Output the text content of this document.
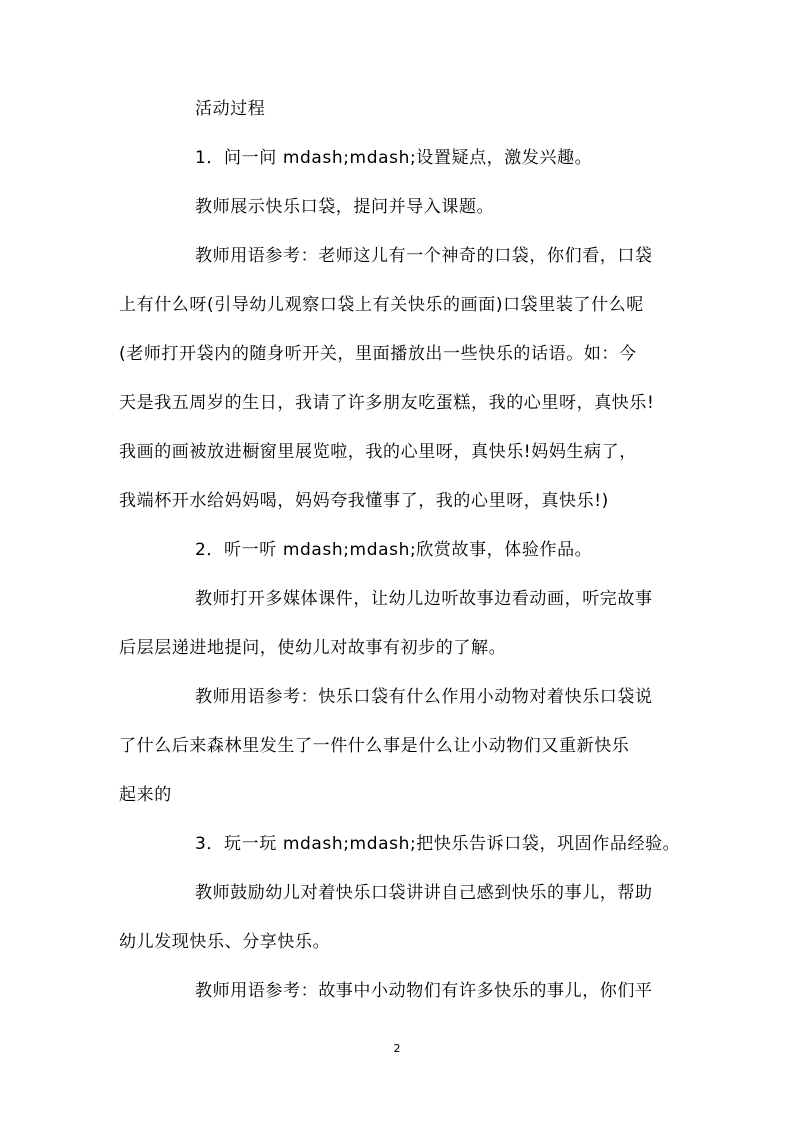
活动过程
1．问一问 mdash;mdash;设置疑点，激发兴趣。
教师展示快乐口袋，提问并导入课题。
教师用语参考：老师这儿有一个神奇的口袋，你们看，口袋
上有什么呀(引导幼儿观察口袋上有关快乐的画面)口袋里装了什么呢
(老师打开袋内的随身听开关，里面播放出一些快乐的话语。如：今
天是我五周岁的生日，我请了许多朋友吃蛋糕，我的心里呀，真快乐!
我画的画被放进橱窗里展览啦，我的心里呀，真快乐!妈妈生病了，
我端杯开水给妈妈喝，妈妈夸我懂事了，我的心里呀，真快乐!)
2．听一听 mdash;mdash;欣赏故事，体验作品。
教师打开多媒体课件，让幼儿边听故事边看动画，听完故事
后层层递进地提问，使幼儿对故事有初步的了解。
教师用语参考：快乐口袋有什么作用小动物对着快乐口袋说
了什么后来森林里发生了一件什么事是什么让小动物们又重新快乐
起来的
3．玩一玩 mdash;mdash;把快乐告诉口袋，巩固作品经验。
教师鼓励幼儿对着快乐口袋讲讲自己感到快乐的事儿，帮助
幼儿发现快乐、分享快乐。
教师用语参考：故事中小动物们有许多快乐的事儿，你们平
2
